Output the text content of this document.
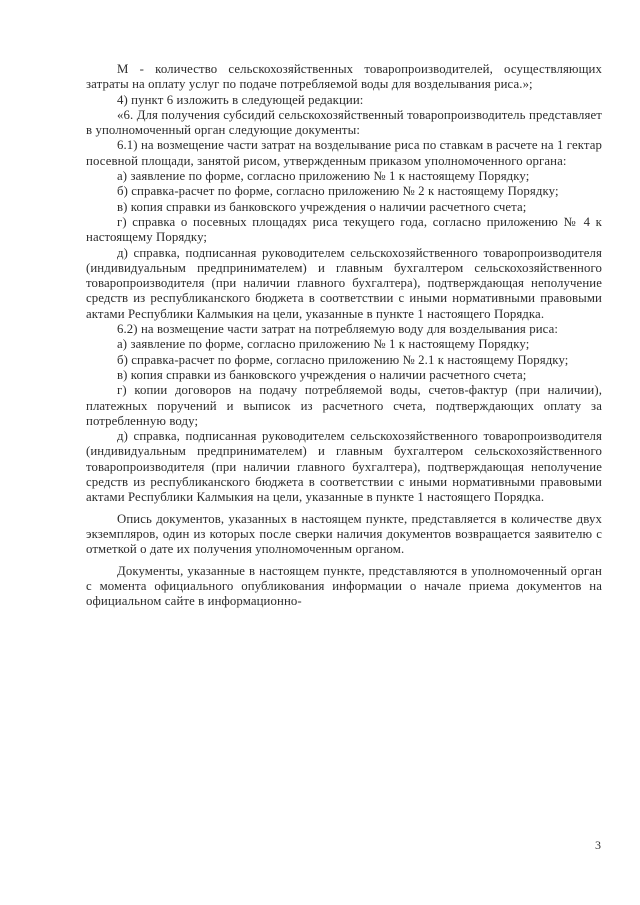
M - количество сельскохозяйственных товаропроизводителей, осуществляющих затраты на оплату услуг по подаче потребляемой воды для возделывания риса.»;

4) пункт 6 изложить в следующей редакции:

«6. Для получения субсидий сельскохозяйственный товаропроизводитель представляет в уполномоченный орган следующие документы:

6.1) на возмещение части затрат на возделывание риса по ставкам в расчете на 1 гектар посевной площади, занятой рисом, утвержденным приказом уполномоченного органа:

а) заявление по форме, согласно приложению № 1 к настоящему Порядку;

б) справка-расчет по форме, согласно приложению № 2 к настоящему Порядку;

в) копия справки из банковского учреждения о наличии расчетного счета;

г) справка о посевных площадях риса текущего года, согласно приложению № 4 к настоящему Порядку;

д) справка, подписанная руководителем сельскохозяйственного товаропроизводителя (индивидуальным предпринимателем) и главным бухгалтером сельскохозяйственного товаропроизводителя (при наличии главного бухгалтера), подтверждающая неполучение средств из республиканского бюджета в соответствии с иными нормативными правовыми актами Республики Калмыкия на цели, указанные в пункте 1 настоящего Порядка.

6.2) на возмещение части затрат на потребляемую воду для возделывания риса:

а) заявление по форме, согласно приложению № 1 к настоящему Порядку;

б) справка-расчет по форме, согласно приложению № 2.1 к настоящему Порядку;

в) копия справки из банковского учреждения о наличии расчетного счета;

г) копии договоров на подачу потребляемой воды, счетов-фактур (при наличии), платежных поручений и выписок из расчетного счета, подтверждающих оплату за потребленную воду;

д) справка, подписанная руководителем сельскохозяйственного товаропроизводителя (индивидуальным предпринимателем) и главным бухгалтером сельскохозяйственного товаропроизводителя (при наличии главного бухгалтера), подтверждающая неполучение средств из республиканского бюджета в соответствии с иными нормативными правовыми актами Республики Калмыкия на цели, указанные в пункте 1 настоящего Порядка.

Опись документов, указанных в настоящем пункте, представляется в количестве двух экземпляров, один из которых после сверки наличия документов возвращается заявителю с отметкой о дате их получения уполномоченным органом.

Документы, указанные в настоящем пункте, представляются в уполномоченный орган с момента официального опубликования информации о начале приема документов на официальном сайте в информационно-

3
